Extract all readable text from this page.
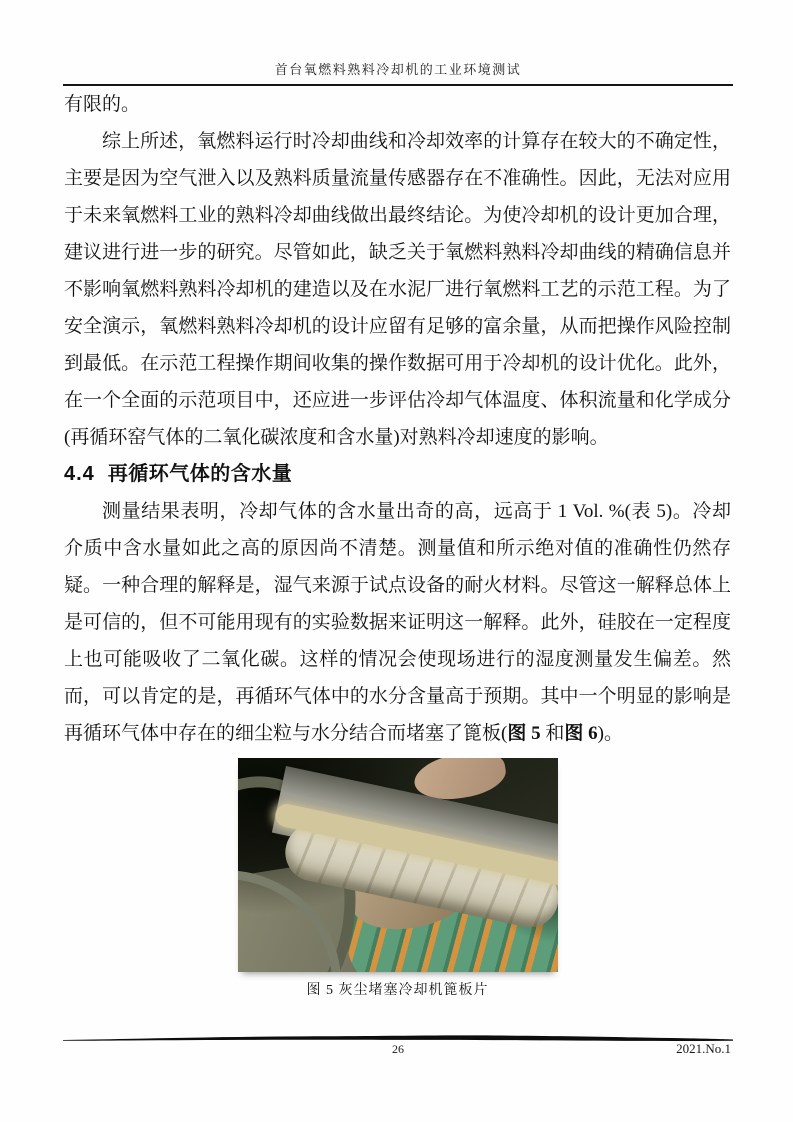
首台氧燃料熟料冷却机的工业环境测试

有限的。

综上所述，氧燃料运行时冷却曲线和冷却效率的计算存在较大的不确定性，主要是因为空气泄入以及熟料质量流量传感器存在不准确性。因此，无法对应用于未来氧燃料工业的熟料冷却曲线做出最终结论。为使冷却机的设计更加合理，建议进行进一步的研究。尽管如此，缺乏关于氧燃料熟料冷却曲线的精确信息并不影响氧燃料熟料冷却机的建造以及在水泥厂进行氧燃料工艺的示范工程。为了安全演示，氧燃料熟料冷却机的设计应留有足够的富余量，从而把操作风险控制到最低。在示范工程操作期间收集的操作数据可用于冷却机的设计优化。此外，在一个全面的示范项目中，还应进一步评估冷却气体温度、体积流量和化学成分(再循环窑气体的二氧化碳浓度和含水量)对熟料冷却速度的影响。

4.4 再循环气体的含水量

测量结果表明，冷却气体的含水量出奇的高，远高于 1 Vol. %(表 5)。冷却介质中含水量如此之高的原因尚不清楚。测量值和所示绝对值的准确性仍然存疑。一种合理的解释是，湿气来源于试点设备的耐火材料。尽管这一解释总体上是可信的，但不可能用现有的实验数据来证明这一解释。此外，硅胶在一定程度上也可能吸收了二氧化碳。这样的情况会使现场进行的湿度测量发生偏差。然而，可以肯定的是，再循环气体中的水分含量高于预期。其中一个明显的影响是再循环气体中存在的细尘粒与水分结合而堵塞了篦板(图 5 和图 6)。

图 5 灰尘堵塞冷却机篦板片
26	2021.No.1
